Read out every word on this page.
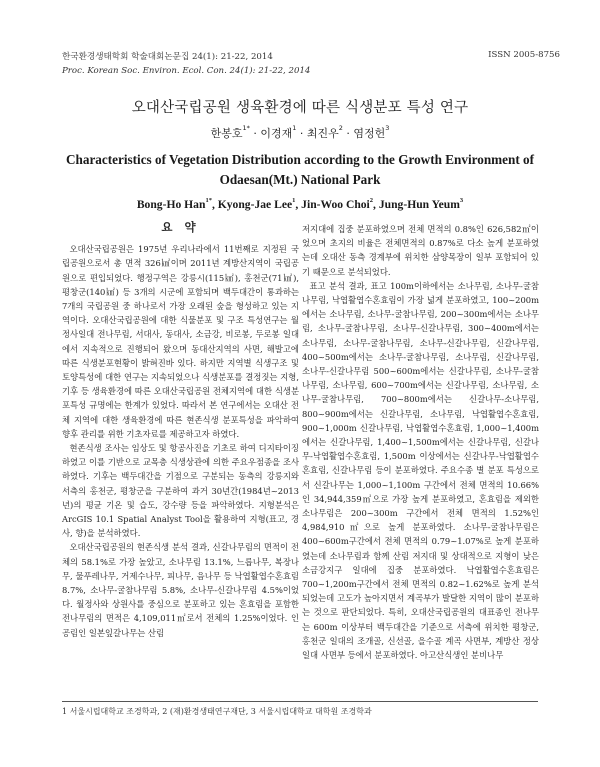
한국환경생태학회 학술대회논문집 24(1): 21-22, 2014
Proc. Korean Soc. Environ. Ecol. Con. 24(1): 21-22, 2014
ISSN 2005-8756
오대산국립공원 생육환경에 따른 식생분포 특성 연구
한봉호$^{1*}$ · 이경재$^1$ · 최진우$^2$ · 염정헌$^3$
Characteristics of Vegetation Distribution according to the Growth Environment of Odaesan(Mt.) National Park
Bong-Ho Han$^{1*}$, Kyong-Jae Lee$^1$, Jin-Woo Choi$^2$, Jung-Hun Yeum$^3$
요 약

오대산국립공원은 1975년 우리나라에서 11번째로 지정된 국립공원으로서 총 면적 326㎢이며 2011년 계방산지역이 국립공원으로 편입되었다. 행정구역은 강릉시(115㎢), 홍천군(71㎢), 평창군(140㎢) 등 3개의 시군에 포함되며 백두대간이 통과하는 7개의 국립공원 중 하나로서 가장 오래된 숲을 형성하고 있는 지역이다. 오대산국립공원에 대한 식물분포 및 구조 특성연구는 월정사일대 전나무림, 서대사, 동대사, 소금강, 비로봉, 두로봉 일대에서 지속적으로 진행되어 왔으며 동대산지역의 사면, 해발고에 따른 식생분포현황이 밝혀진바 있다. 하지만 지역별 식생구조 및 토양특성에 대한 연구는 지속되었으나 식생분포를 결정짓는 지형, 기후 등 생육환경에 따른 오대산국립공원 전체지역에 대한 식생분포특성 규명에는 한계가 있었다. 따라서 본 연구에서는 오대산 전체 지역에 대한 생육환경에 따른 현존식생 분포특성을 파악하여 향후 관리를 위한 기초자료를 제공하고자 하였다.

현존식생 조사는 임상도 및 항공사진을 기초로 하여 디지타이징 하였고 이를 기반으로 교목층 식생상관에 의한 주요우점종을 조사하였다. 기후는 백두대간을 기점으로 구분되는 동측의 강릉지와 서측의 홍천군, 평창군을 구분하여 과거 30년간(1984년~2013년)의 평균 기온 및 습도, 강수량 등을 파악하였다. 지형분석은 ArcGIS 10.1 Spatial Analyst Tool을 활용하여 지형(표고, 경사, 향)을 분석하였다.

오대산국립공원의 현존식생 분석 결과, 신갈나무림의 면적이 전체의 58.1%로 가장 높았고, 소나무림 13.1%, 느릅나무, 복장나무, 물푸레나무, 거제수나무, 피나무, 음나무 등 낙엽활엽수혼효림 8.7%, 소나무-굴참나무림 5.8%, 소나무-신갈나무림 4.5%이었다. 월정사와 상원사를 중심으로 분포하고 있는 혼효림을 포함한 전나무림의 면적은 4,109,011㎡로서 전체의 1.25%이었다. 인공림인 일본잎갈나무는 산림

저지대에 집중 분포하였으며 전체 면적의 0.8%인 626,582㎡이었으며 초지의 비율은 전체면적의 0.87%로 다소 높게 분포하였는데 오대산 동측 경계부에 위치한 삼양목장이 일부 포함되어 있기 때문으로 분석되었다.

표고 분석 결과, 표고 100m이하에서는 소나무림, 소나무-굴참나무림, 낙엽활엽수혼효림이 가장 넓게 분포하였고, 100~200m에서는 소나무림, 소나무-굴참나무림, 200~300m에서는 소나무림, 소나무-굴참나무림, 소나무-신갈나무림, 300~400m에서는 소나무림, 소나무-굴참나무림, 소나무-신갈나무림, 신갈나무림, 400~500m에서는 소나무-굴참나무림, 소나무림, 신갈나무림, 소나무-신갈나무림 500~600m에서는 신갈나무림, 소나무-굴참나무림, 소나무림, 600~700m에서는 신갈나무림, 소나무림, 소나무-굴참나무림, 700~800m에서는 신갈나무-소나무림, 800~900m에서는 신갈나무림, 소나무림, 낙엽활엽수혼효림, 900~1,000m 신갈나무림, 낙엽활엽수혼효림, 1,000~1,400m에서는 신갈나무림, 1,400~1,500m에서는 신갈나무림, 신갈나무-낙엽활엽수혼효림, 1,500m 이상에서는 신갈나무-낙엽활엽수혼효림, 신갈나무림 등이 분포하였다. 주요수종 별 분포 특성으로서 신갈나무는 1,000~1,100m 구간에서 전체 면적의 10.66%인 34,944,359㎡으로 가장 높게 분포하였고, 혼효림을 제외한 소나무림은 200~300m 구간에서 전체 면적의 1.52%인 4,984,910㎡으로 높게 분포하였다. 소나무-굴참나무림은 400~600m구간에서 전체 면적의 0.79~1.07%로 높게 분포하였는데 소나무림과 함께 산림 저지대 및 상대적으로 지형이 낮은 소금강지구 일대에 집중 분포하였다. 낙엽활엽수혼효림은 700~1,200m구간에서 전체 면적의 0.82~1.62%로 높게 분석되었는데 고도가 높아지면서 계곡부가 발달한 지역이 많이 분포하는 것으로 판단되었다. 특히, 오대산국립공원의 대표종인 전나무는 600m 이상부터 백두대간을 기준으로 서측에 위치한 평창군, 홍천군 일대의 조개골, 신선골, 을수골 계곡 사면부, 계방산 정상일대 사면부 등에서 분포하였다. 아고산식생인 분비나무

1 서울시립대학교 조경학과, 2 (재)환경생태연구재단, 3 서울시립대학교 대학원 조경학과
